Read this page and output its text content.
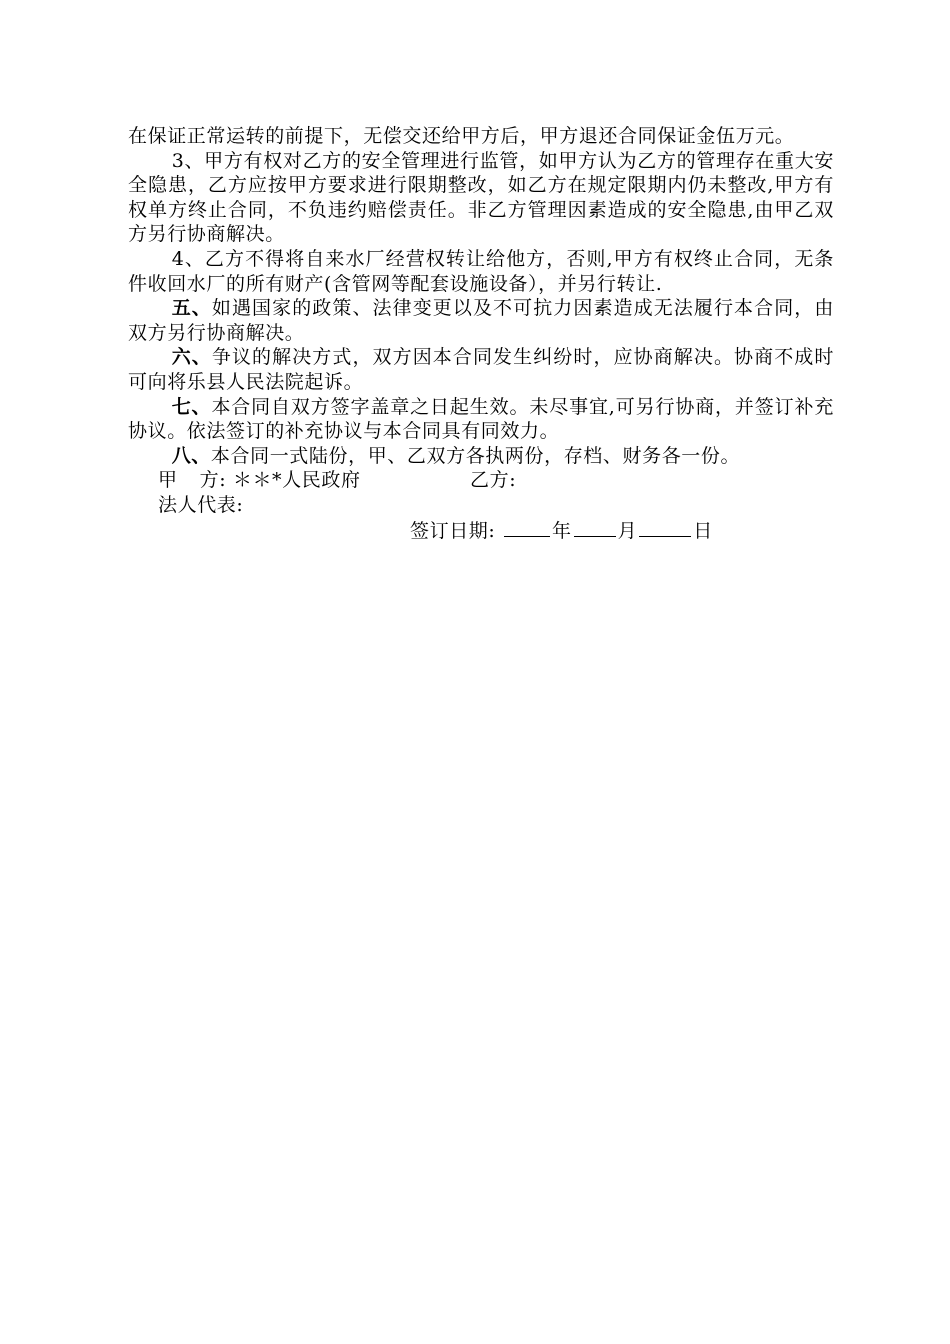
在保证正常运转的前提下，无偿交还给甲方后，甲方退还合同保证金伍万元。

3、甲方有权对乙方的安全管理进行监管，如甲方认为乙方的管理存在重大安全隐患，乙方应按甲方要求进行限期整改，如乙方在规定限期内仍未整改,甲方有权单方终止合同，不负违约赔偿责任。非乙方管理因素造成的安全隐患,由甲乙双方另行协商解决。

4、乙方不得将自来水厂经营权转让给他方，否则,甲方有权终止合同，无条件收回水厂的所有财产(含管网等配套设施设备），并另行转让.

五、如遇国家的政策、法律变更以及不可抗力因素造成无法履行本合同，由双方另行协商解决。

六、争议的解决方式，双方因本合同发生纠纷时，应协商解决。协商不成时可向将乐县人民法院起诉。

七、本合同自双方签字盖章之日起生效。未尽事宜,可另行协商，并签订补充协议。依法签订的补充协议与本合同具有同效力。

八、本合同一式陆份，甲、乙双方各执两份，存档、财务各一份。

甲 方: ＊＊*人民政府	乙方:

法人代表:

签订日期:	年 月	日
